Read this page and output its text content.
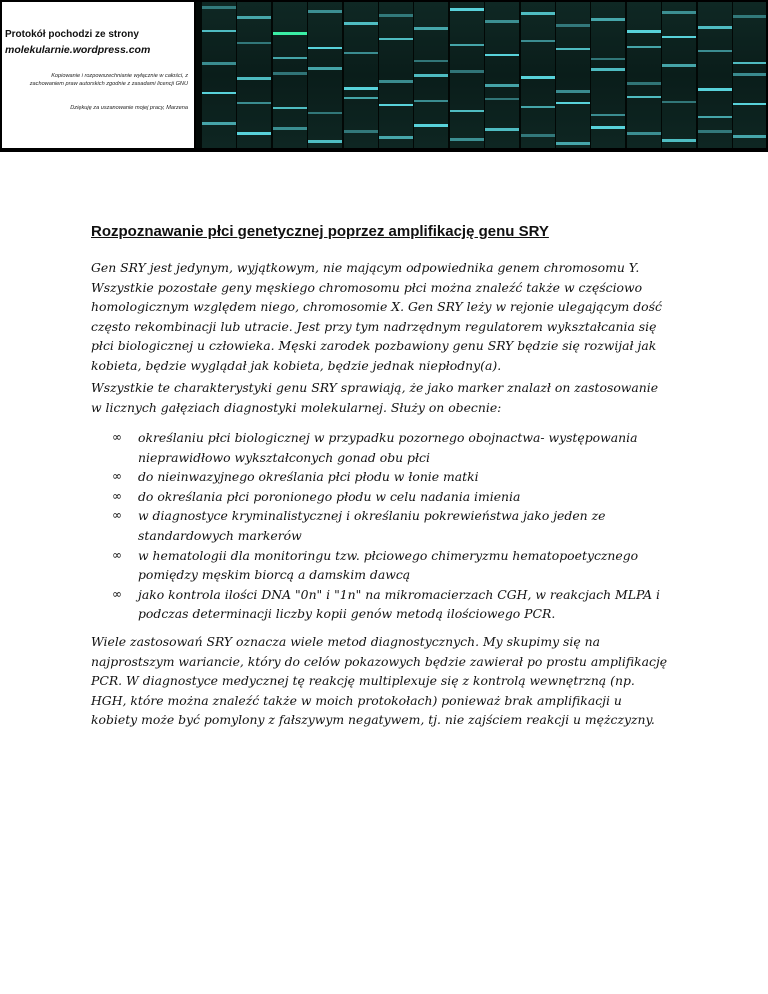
Protokół pochodzi ze strony
molekularnie.wordpress.com
Kopiowanie i rozpowszechnianie wyłącznie w całości, z zachowaniem praw autorskich zgodnie z zasadami licencji GNU
Dziękuję za uszanowanie mojej pracy, Marzena
Rozpoznawanie płci genetycznej poprzez amplifikację genu SRY

Gen SRY jest jedynym, wyjątkowym, nie mającym odpowiednika genem chromosomu Y. Wszystkie pozostałe geny męskiego chromosomu płci można znaleźć także w częściowo homologicznym względem niego, chromosomie X. Gen SRY leży w rejonie ulegającym dość często rekombinacji lub utracie. Jest przy tym nadrzędnym regulatorem wykształcania się płci biologicznej u człowieka. Męski zarodek pozbawiony genu SRY będzie się rozwijał jak kobieta, będzie wyglądał jak kobieta, będzie jednak niepłodny(a).

Wszystkie te charakterystyki genu SRY sprawiają, że jako marker znalazł on zastosowanie w licznych gałęziach diagnostyki molekularnej. Służy on obecnie:

∞ określaniu płci biologicznej w przypadku pozornego obojnactwa- występowania nieprawidłowo wykształconych gonad obu płci
∞ do nieinwazyjnego określania płci płodu w łonie matki
∞ do określania płci poronionego płodu w celu nadania imienia
∞ w diagnostyce kryminalistycznej i określaniu pokrewieństwa jako jeden ze standardowych markerów
∞ w hematologii dla monitoringu tzw. płciowego chimeryzmu hematopoetycznego pomiędzy męskim biorcą a damskim dawcą
∞ jako kontrola ilości DNA "0n" i "1n" na mikromacierzach CGH, w reakcjach MLPA i podczas determinacji liczby kopii genów metodą ilościowego PCR.

Wiele zastosowań SRY oznacza wiele metod diagnostycznych. My skupimy się na najprostszym wariancie, który do celów pokazowych będzie zawierał po prostu amplifikację PCR. W diagnostyce medycznej tę reakcję multiplexuje się z kontrolą wewnętrzną (np. HGH, które można znaleźć także w moich protokołach) ponieważ brak amplifikacji u kobiety może być pomylony z fałszywym negatywem, tj. nie zajściem reakcji u mężczyzny.
